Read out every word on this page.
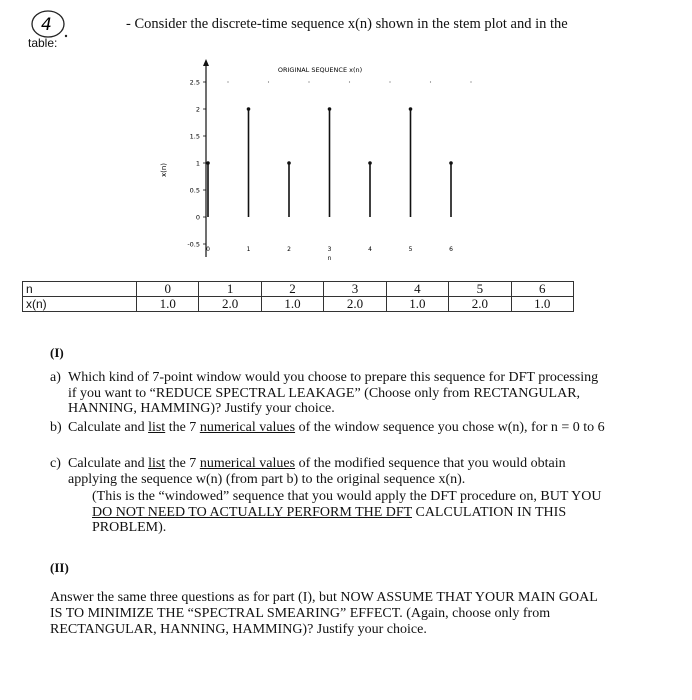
4
table:
- Consider the discrete-time sequence x(n) shown in the stem plot and in the
ORIGINAL SEQUENCE x(n)
x(n)
-0.5
0
0.5
1
1.5
2
2.5
0	1	2	3	4	5	6
n
n	0	1	2	3	4	5	6
x(n)	1.0	2.0	1.0	2.0	1.0	2.0	1.0
(I)
a) Which kind of 7-point window would you choose to prepare this sequence for DFT processing if you want to “REDUCE SPECTRAL LEAKAGE” (Choose only from RECTANGULAR, HANNING, HAMMING)? Justify your choice.
b) Calculate and list the 7 numerical values of the window sequence you chose w(n), for n = 0 to 6
c) Calculate and list the 7 numerical values of the modified sequence that you would obtain applying the sequence w(n) (from part b) to the original sequence x(n).
(This is the “windowed” sequence that you would apply the DFT procedure on, BUT YOU DO NOT NEED TO ACTUALLY PERFORM THE DFT CALCULATION IN THIS PROBLEM).
(II)
Answer the same three questions as for part (I), but NOW ASSUME THAT YOUR MAIN GOAL IS TO MINIMIZE THE “SPECTRAL SMEARING” EFFECT. (Again, choose only from RECTANGULAR, HANNING, HAMMING)? Justify your choice.
